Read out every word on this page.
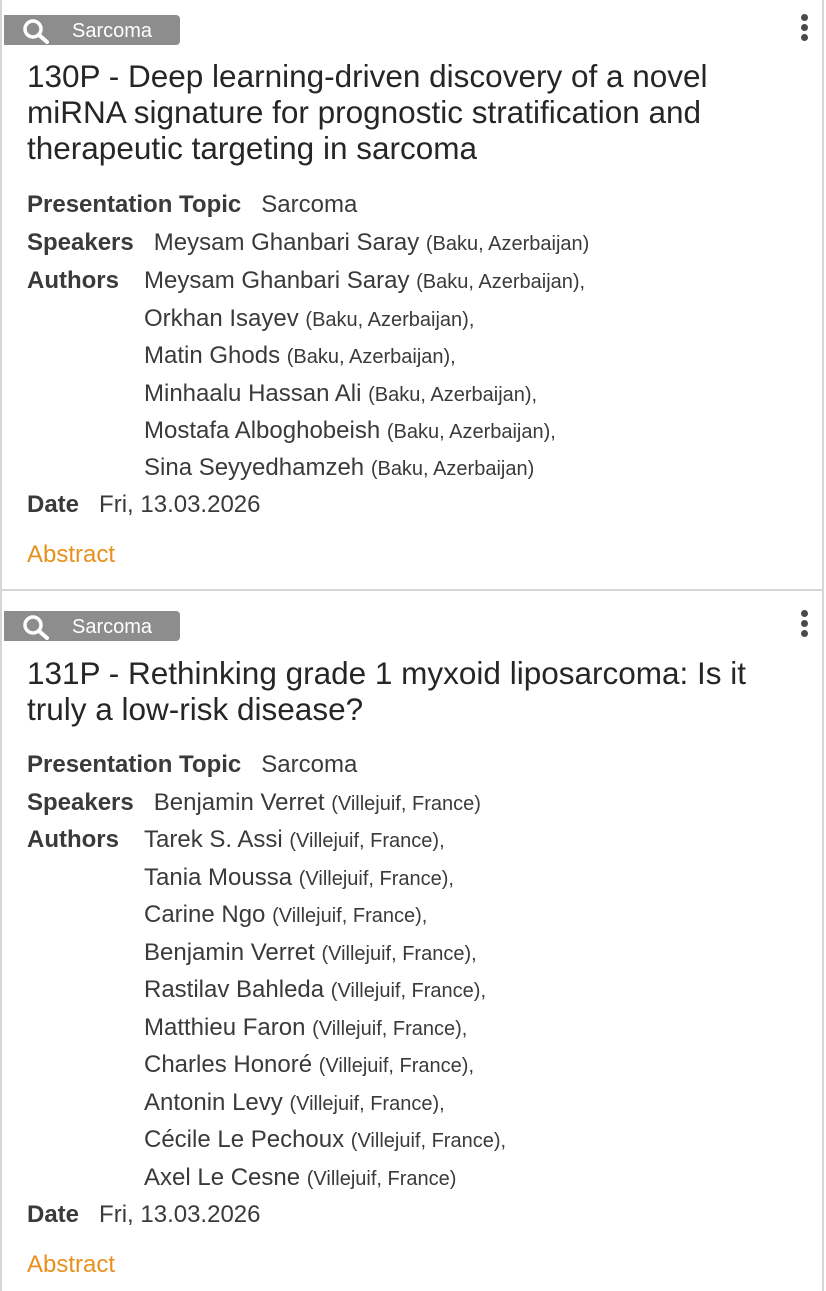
Sarcoma
130P - Deep learning-driven discovery of a novel miRNA signature for prognostic stratification and therapeutic targeting in sarcoma
Presentation Topic Sarcoma
Speakers Meysam Ghanbari Saray (Baku, Azerbaijan)
Authors Meysam Ghanbari Saray (Baku, Azerbaijan),
Orkhan Isayev (Baku, Azerbaijan),
Matin Ghods (Baku, Azerbaijan),
Minhaalu Hassan Ali (Baku, Azerbaijan),
Mostafa Alboghobeish (Baku, Azerbaijan),
Sina Seyyedhamzeh (Baku, Azerbaijan)
Date Fri, 13.03.2026
Abstract
Sarcoma
131P - Rethinking grade 1 myxoid liposarcoma: Is it truly a low-risk disease?
Presentation Topic Sarcoma
Speakers Benjamin Verret (Villejuif, France)
Authors Tarek S. Assi (Villejuif, France),
Tania Moussa (Villejuif, France),
Carine Ngo (Villejuif, France),
Benjamin Verret (Villejuif, France),
Rastilav Bahleda (Villejuif, France),
Matthieu Faron (Villejuif, France),
Charles Honoré (Villejuif, France),
Antonin Levy (Villejuif, France),
Cécile Le Pechoux (Villejuif, France),
Axel Le Cesne (Villejuif, France)
Date Fri, 13.03.2026
Abstract
